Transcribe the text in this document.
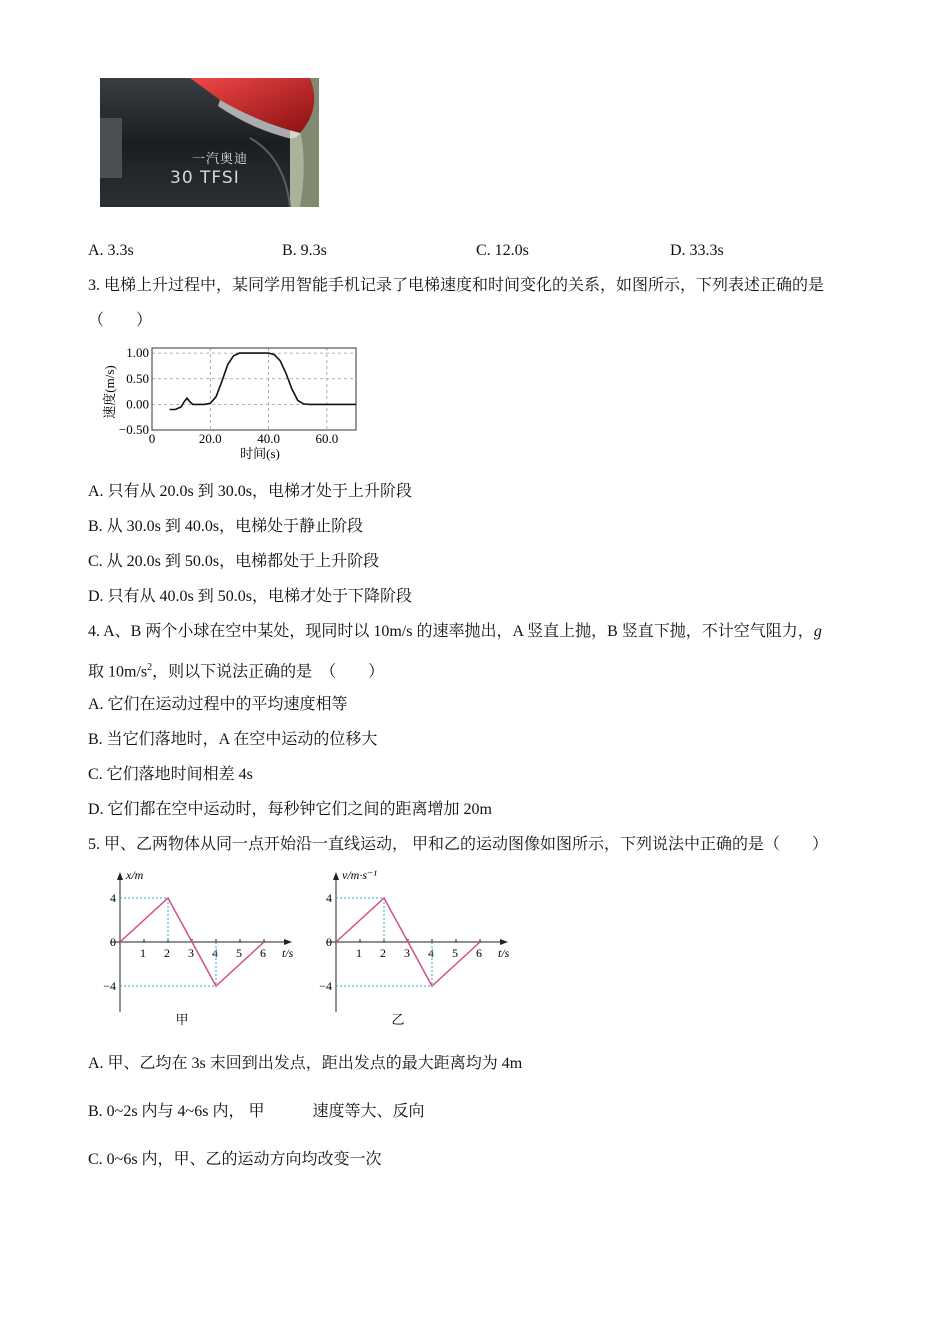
一汽奥迪
30 TFSI
A. 3.3s	B. 9.3s	C. 12.0s	D. 33.3s
3. 电梯上升过程中，某同学用智能手机记录了电梯速度和时间变化的关系，如图所示，下列表述正确的是
（　　）
0	20.0	40.0	60.0
1.00
0.50
0.00
−0.50
时间(s)
速度(m/s)
A. 只有从 20.0s 到 30.0s，电梯才处于上升阶段
B. 从 30.0s 到 40.0s，电梯处于静止阶段
C. 从 20.0s 到 50.0s，电梯都处于上升阶段
D. 只有从 40.0s 到 50.0s，电梯才处于下降阶段
4. A、B 两个小球在空中某处，现同时以 10m/s 的速率抛出，A 竖直上抛，B 竖直下抛，不计空气阻力，g
取 $10m/s^2$，则以下说法正确的是　（　　）
A. 它们在运动过程中的平均速度相等
B. 当它们落地时，A 在空中运动的位移大
C. 它们落地时间相差 4s
D. 它们都在空中运动时，每秒钟它们之间的距离增加 20m
5. 甲、乙两物体从同一点开始沿一直线运动， 甲和乙的运动图像如图所示，下列说法中正确的是（　　）
x/m
t/s
1 2 3 4 5 6
4
0
−4
甲
v/m·s⁻¹
t/s
1 2 3 4 5 6
4
0
−4
乙
A. 甲、乙均在 3s 末回到出发点，距出发点的最大距离均为 4m
B. 0~2s 内与 4~6s 内， 甲　　　速度等大、反向
C. 0~6s 内，甲、乙的运动方向均改变一次
